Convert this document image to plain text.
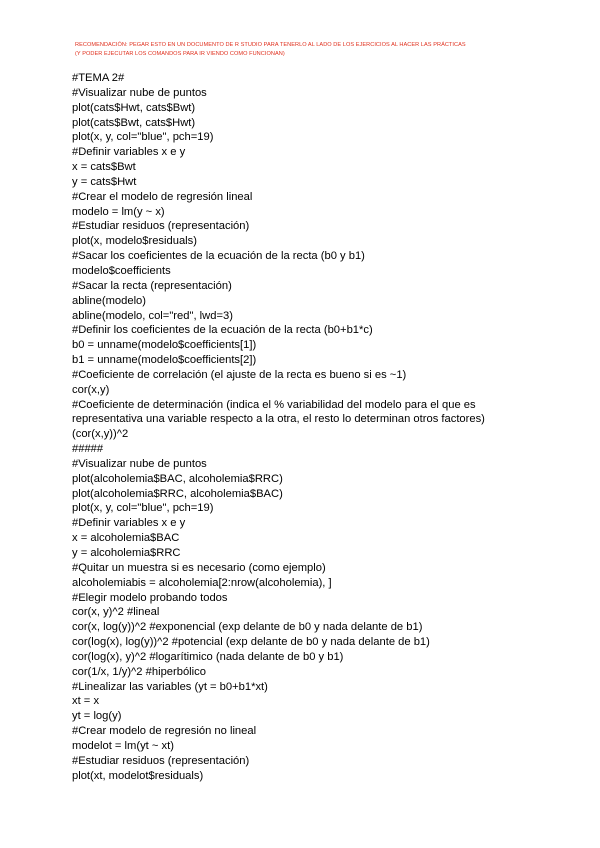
RECOMENDACIÓN: PEGAR ESTO EN UN DOCUMENTO DE R STUDIO PARA TENERLO AL LADO DE LOS EJERCICIOS AL HACER LAS PRÁCTICAS
(Y PODER EJECUTAR LOS COMANDOS PARA IR VIENDO COMO FUNCIONAN)
#TEMA 2#
#Visualizar nube de puntos
plot(cats$Hwt, cats$Bwt)
plot(cats$Bwt, cats$Hwt)
plot(x, y, col="blue", pch=19)
#Definir variables x e y
x = cats$Bwt
y = cats$Hwt
#Crear el modelo de regresión lineal
modelo = lm(y ~ x)
#Estudiar residuos (representación)
plot(x, modelo$residuals)
#Sacar los coeficientes de la ecuación de la recta (b0 y b1)
modelo$coefficients
#Sacar la recta (representación)
abline(modelo)
abline(modelo, col="red", lwd=3)
#Definir los coeficientes de la ecuación de la recta (b0+b1*c)
b0 = unname(modelo$coefficients[1])
b1 = unname(modelo$coefficients[2])
#Coeficiente de correlación (el ajuste de la recta es bueno si es ~1)
cor(x,y)
#Coeficiente de determinación (indica el % variabilidad del modelo para el que es
representativa una variable respecto a la otra, el resto lo determinan otros factores)
(cor(x,y))^2
#####
#Visualizar nube de puntos
plot(alcoholemia$BAC, alcoholemia$RRC)
plot(alcoholemia$RRC, alcoholemia$BAC)
plot(x, y, col="blue", pch=19)
#Definir variables x e y
x = alcoholemia$BAC
y = alcoholemia$RRC
#Quitar un muestra si es necesario (como ejemplo)
alcoholemiabis = alcoholemia[2:nrow(alcoholemia), ]
#Elegir modelo probando todos
cor(x, y)^2 #lineal
cor(x, log(y))^2 #exponencial (exp delante de b0 y nada delante de b1)
cor(log(x), log(y))^2 #potencial (exp delante de b0 y nada delante de b1)
cor(log(x), y)^2 #logarítimico (nada delante de b0 y b1)
cor(1/x, 1/y)^2 #hiperbólico
#Linealizar las variables (yt = b0+b1*xt)
xt = x
yt = log(y)
#Crear modelo de regresión no lineal
modelot = lm(yt ~ xt)
#Estudiar residuos (representación)
plot(xt, modelot$residuals)
